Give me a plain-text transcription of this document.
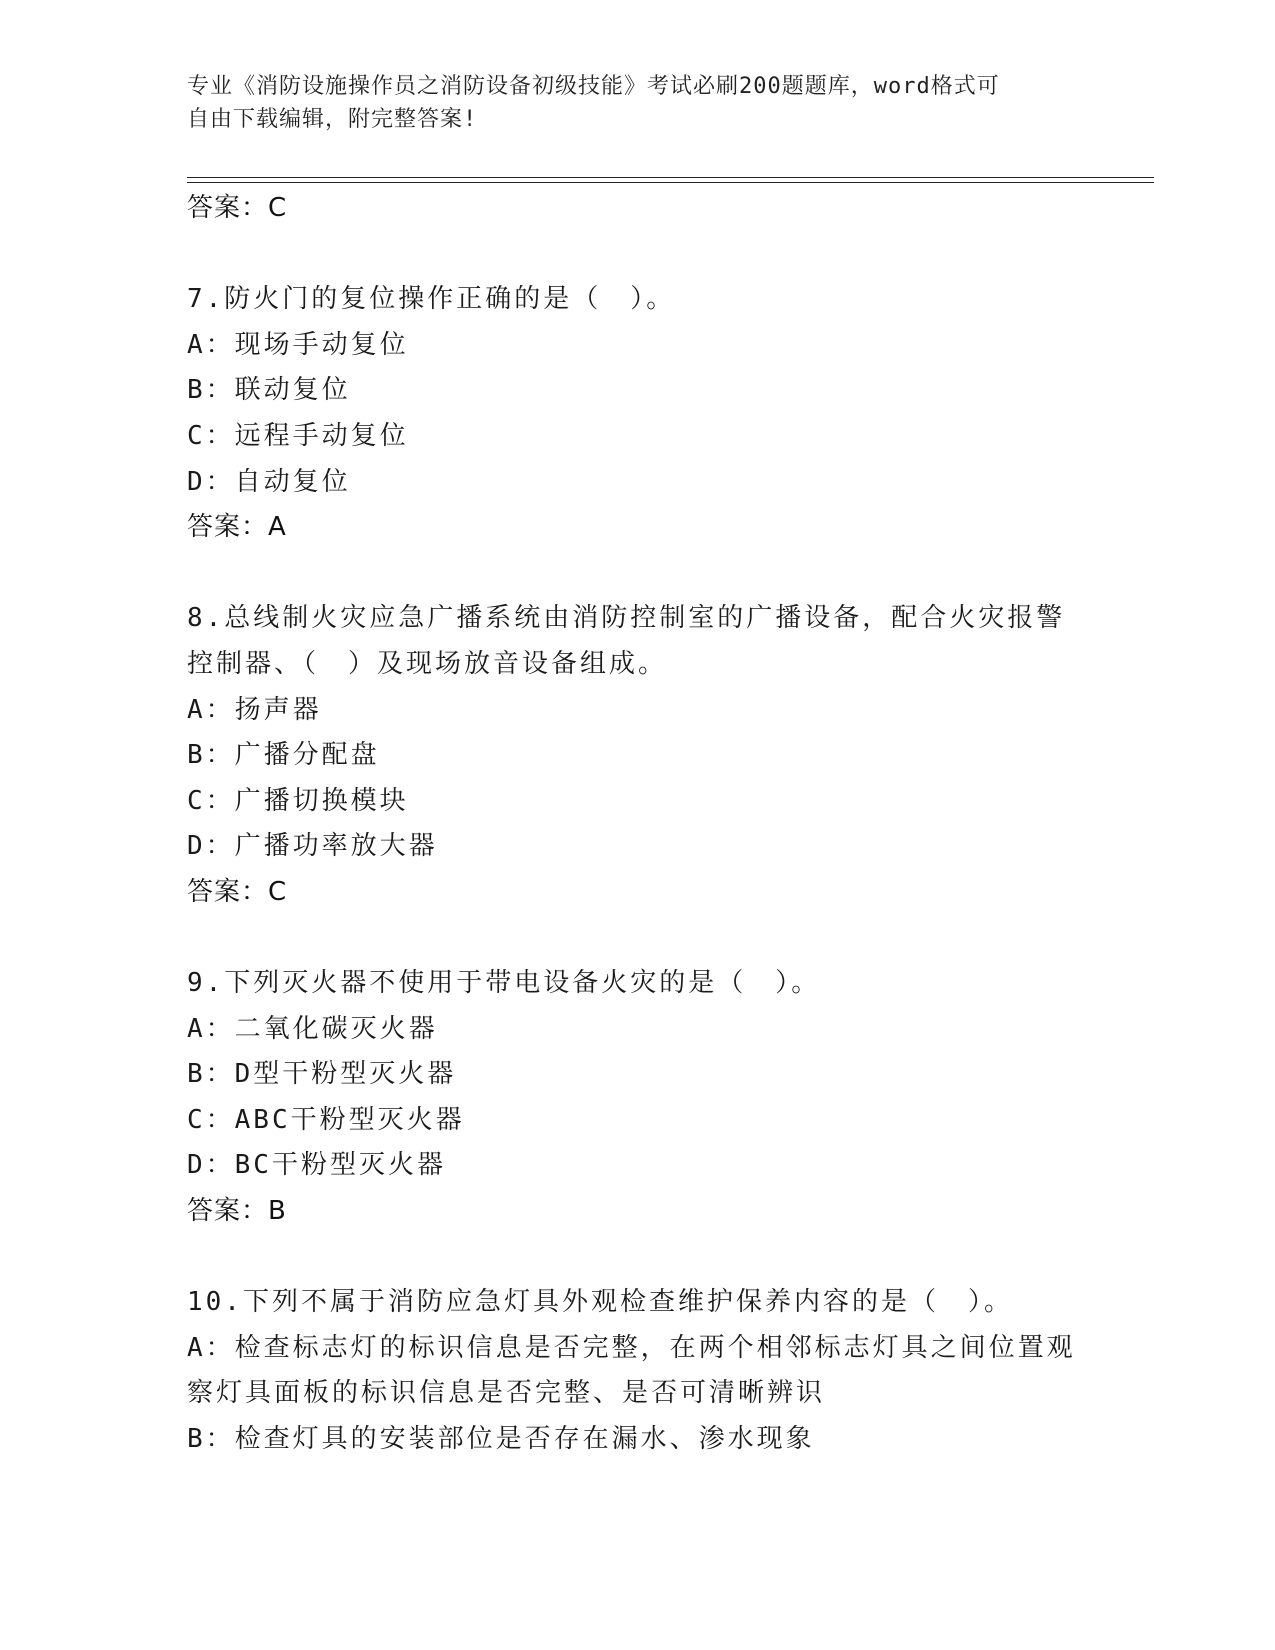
专业《消防设施操作员之消防设备初级技能》考试必刷200题题库，word格式可
自由下载编辑，附完整答案!
答案：C
7.防火门的复位操作正确的是（　）。
A：现场手动复位
B：联动复位
C：远程手动复位
D：自动复位
答案：A
8.总线制火灾应急广播系统由消防控制室的广播设备，配合火灾报警
控制器、（　）及现场放音设备组成。
A：扬声器
B：广播分配盘
C：广播切换模块
D：广播功率放大器
答案：C
9.下列灭火器不使用于带电设备火灾的是（　）。
A：二氧化碳灭火器
B：D型干粉型灭火器
C：ABC干粉型灭火器
D：BC干粉型灭火器
答案：B
10.下列不属于消防应急灯具外观检查维护保养内容的是（　）。
A：检查标志灯的标识信息是否完整，在两个相邻标志灯具之间位置观
察灯具面板的标识信息是否完整、是否可清晰辨识
B：检查灯具的安装部位是否存在漏水、渗水现象
